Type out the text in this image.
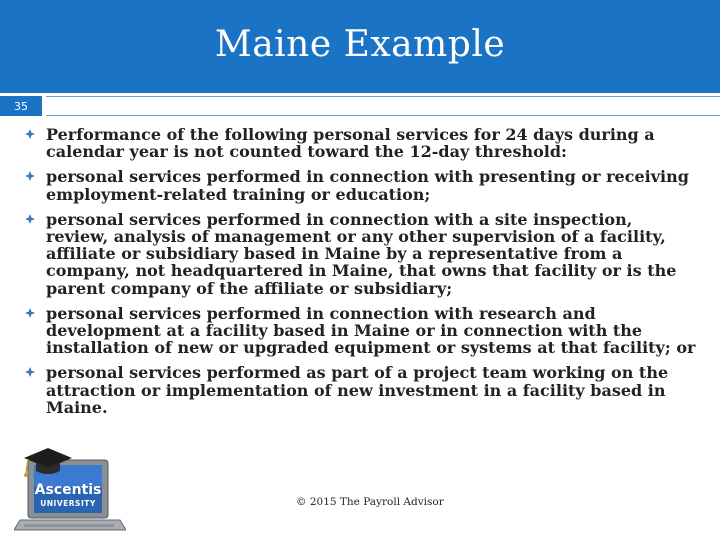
Maine Example
35
Performance of the following personal services for 24 days during a calendar year is not counted toward the 12-day threshold:
personal services performed in connection with presenting or receiving employment-related training or education;
personal services performed in connection with a site inspection, review, analysis of management or any other supervision of a facility, affiliate or subsidiary based in Maine by a representative from a company, not headquartered in Maine, that owns that facility or is the parent company of the affiliate or subsidiary;
personal services performed in connection with research and development at a facility based in Maine or in connection with the installation of new or upgraded equipment or systems at that facility; or
personal services performed as part of a project team working on the attraction or implementation of new investment in a facility based in Maine.
Ascentis
UNIVERSITY	© 2015 The Payroll Advisor
